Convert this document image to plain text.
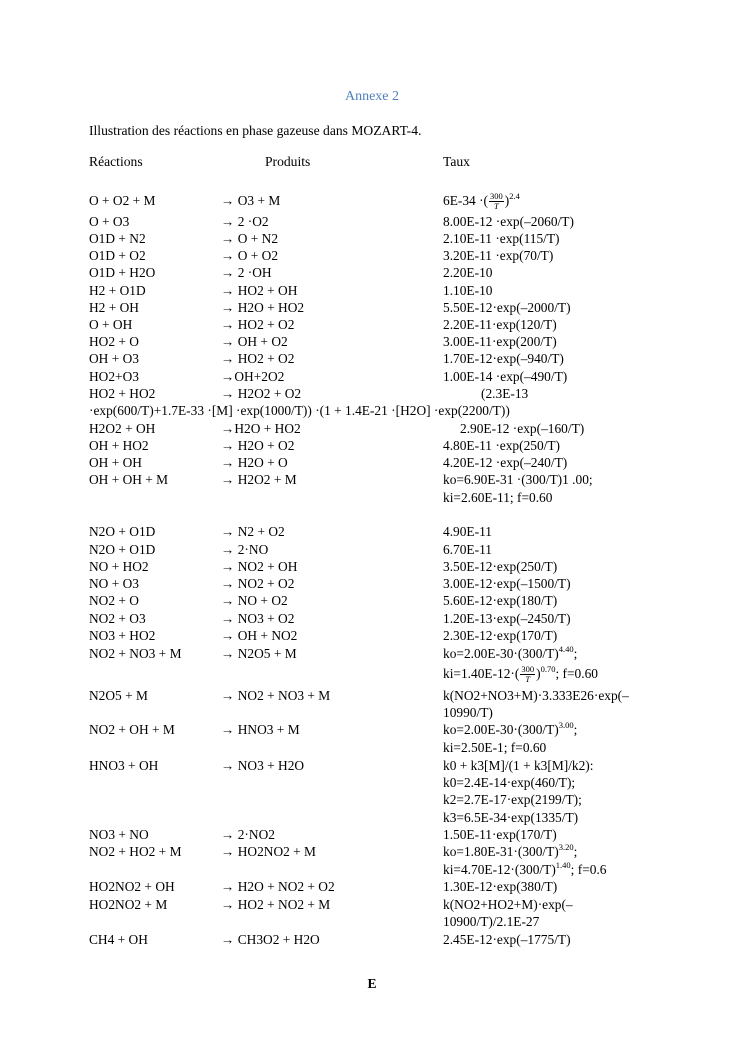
Annexe 2
Illustration des réactions en phase gazeuse dans MOZART-4.
Réactions	Produits	Taux
O + O2 + M	→ O3 + M	6E-34 ·( $\frac{300}{T} )^{2.4}$
O + O3	→ 2 ·O2	8.00E-12 ·exp(–2060/T)
O1D + N2	→ O + N2	2.10E-11 ·exp(115/T)
O1D + O2	→ O + O2	3.20E-11 ·exp(70/T)
O1D + H2O	→ 2 ·OH	2.20E-10
H2 + O1D	→ HO2 + OH	1.10E-10
H2 + OH	→ H2O + HO2	5.50E-12·exp(–2000/T)
O + OH	→ HO2 + O2	2.20E-11·exp(120/T)
HO2 + O	→ OH + O2	3.00E-11·exp(200/T)
OH + O3	→ HO2 + O2	1.70E-12·exp(–940/T)
HO2+O3	→OH+2O2	1.00E-14 ·exp(–490/T)
HO2 + HO2	→ H2O2 + O2	(2.3E-13
·exp(600/T)+1.7E-33 ·[M] ·exp(1000/T)) ·(1 + 1.4E-21 ·[H2O] ·exp(2200/T))
H2O2 + OH	→H2O + HO2	2.90E-12 ·exp(–160/T)
OH + HO2	→ H2O + O2	4.80E-11 ·exp(250/T)
OH + OH	→ H2O + O	4.20E-12 ·exp(–240/T)
OH + OH + M	→ H2O2 + M	ko=6.90E-31 ·(300/T)1 .00;
ki=2.60E-11; f=0.60
N2O + O1D	→ N2 + O2	4.90E-11
N2O + O1D	→ 2·NO	6.70E-11
NO + HO2	→ NO2 + OH	3.50E-12·exp(250/T)
NO + O3	→ NO2 + O2	3.00E-12·exp(–1500/T)
NO2 + O	→ NO + O2	5.60E-12·exp(180/T)
NO2 + O3	→ NO3 + O2	1.20E-13·exp(–2450/T)
NO3 + HO2	→ OH + NO2	2.30E-12·exp(170/T)
NO2 + NO3 + M	→ N2O5 + M	$ko=2.00E-30\cdot(300/T)^{4.40}$;
$ki=1.40E-12\cdot( \frac{300}{T} )^{0.70}$; f=0.60
N2O5 + M	→ NO2 + NO3 + M	k(NO2+NO3+M)·3.333E26·exp(–
10990/T)
NO2 + OH + M	→ HNO3 + M	$ko=2.00E-30\cdot(300/T)^{3.00}$;
ki=2.50E-1; f=0.60
HNO3 + OH	→ NO3 + H2O	k0 + k3[M]/(1 + k3[M]/k2):
k0=2.4E-14·exp(460/T);
k2=2.7E-17·exp(2199/T);
k3=6.5E-34·exp(1335/T)
NO3 + NO	→ 2·NO2	1.50E-11·exp(170/T)
NO2 + HO2 + M	→ HO2NO2 + M	$ko=1.80E-31\cdot(300/T)^{3.20}$;
$ki=4.70E-12\cdot(300/T)^{1.40}$; f=0.6
HO2NO2 + OH	→ H2O + NO2 + O2	1.30E-12·exp(380/T)
HO2NO2 + M	→ HO2 + NO2 + M	k(NO2+HO2+M)·exp(–
10900/T)/2.1E-27
CH4 + OH	→ CH3O2 + H2O	2.45E-12·exp(–1775/T)
E
